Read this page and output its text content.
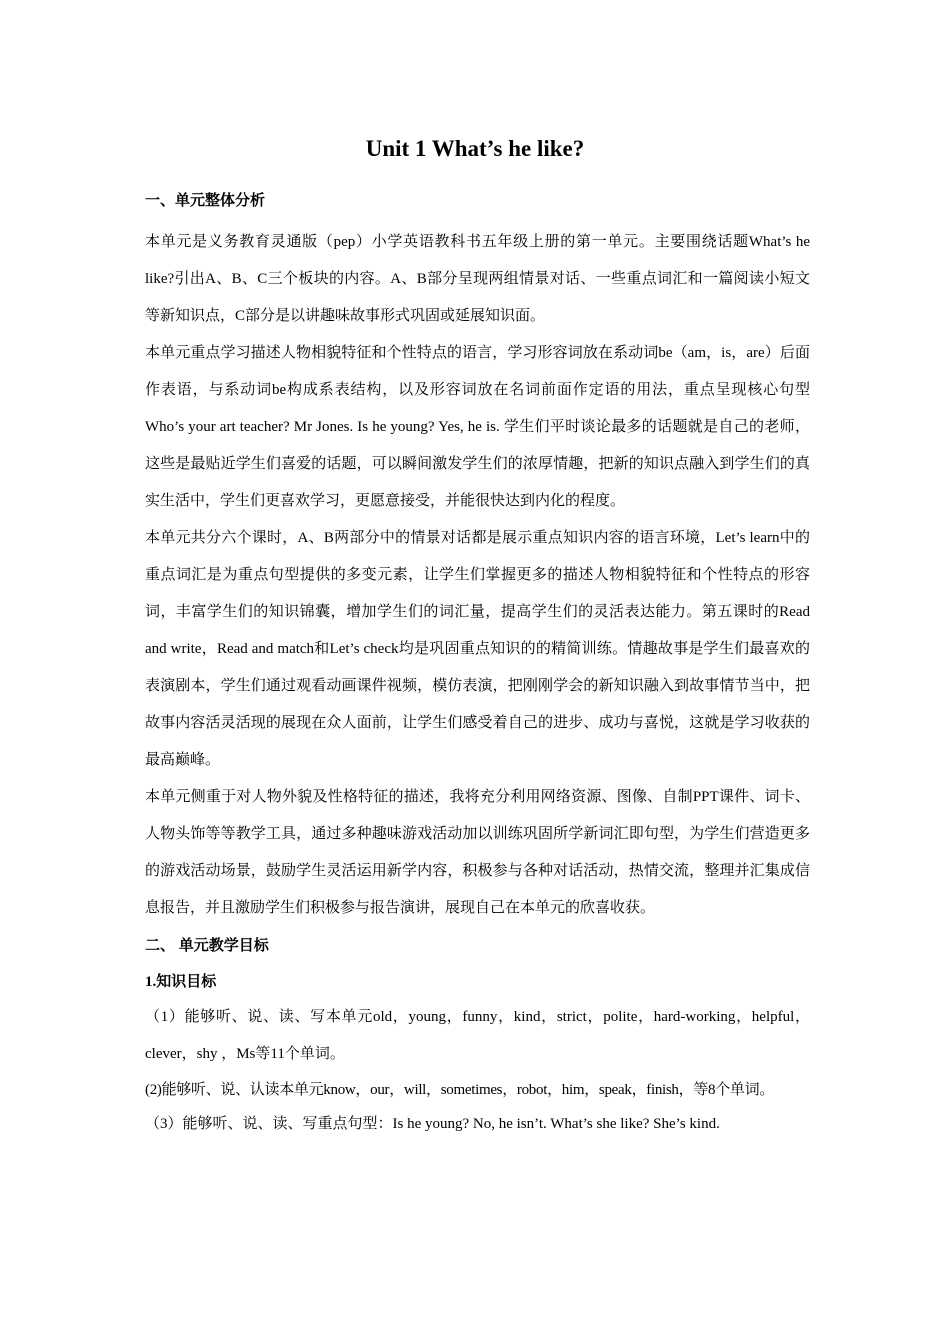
Unit 1 What’s he like?
一、单元整体分析

本单元是义务教育灵通版（pep）小学英语教科书五年级上册的第一单元。主要围绕话题What’s he like?引出A、B、C三个板块的内容。A、B部分呈现两组情景对话、一些重点词汇和一篇阅读小短文等新知识点，C部分是以讲趣味故事形式巩固或延展知识面。

本单元重点学习描述人物相貌特征和个性特点的语言，学习形容词放在系动词be（am，is，are）后面作表语，与系动词be构成系表结构，以及形容词放在名词前面作定语的用法，重点呈现核心句型Who’s your art teacher? Mr Jones. Is he young? Yes, he is. 学生们平时谈论最多的话题就是自己的老师，这些是最贴近学生们喜爱的话题，可以瞬间激发学生们的浓厚情趣，把新的知识点融入到学生们的真实生活中，学生们更喜欢学习，更愿意接受，并能很快达到内化的程度。

本单元共分六个课时，A、B两部分中的情景对话都是展示重点知识内容的语言环境，Let’s learn中的重点词汇是为重点句型提供的多变元素，让学生们掌握更多的描述人物相貌特征和个性特点的形容词，丰富学生们的知识锦囊，增加学生们的词汇量，提高学生们的灵活表达能力。第五课时的Read and write，Read and match和Let’s check均是巩固重点知识的的精简训练。情趣故事是学生们最喜欢的表演剧本，学生们通过观看动画课件视频，模仿表演，把刚刚学会的新知识融入到故事情节当中，把故事内容活灵活现的展现在众人面前，让学生们感受着自己的进步、成功与喜悦，这就是学习收获的最高巅峰。

本单元侧重于对人物外貌及性格特征的描述，我将充分利用网络资源、图像、自制PPT课件、词卡、人物头饰等等教学工具，通过多种趣味游戏活动加以训练巩固所学新词汇即句型，为学生们营造更多的游戏活动场景，鼓励学生灵活运用新学内容，积极参与各种对话活动，热情交流，整理并汇集成信息报告，并且激励学生们积极参与报告演讲，展现自己在本单元的欣喜收获。

二、 单元教学目标
1.知识目标

（1）能够听、说、读、写本单元old，young，funny，kind，strict，polite，hard-working，helpful，clever，shy ，Ms等11个单词。

(2)能够听、说、认读本单元know，our，will，sometimes，robot，him，speak，finish，等8个单词。

（3）能够听、说、读、写重点句型：Is he young? No, he isn’t. What’s she like? She’s kind.
